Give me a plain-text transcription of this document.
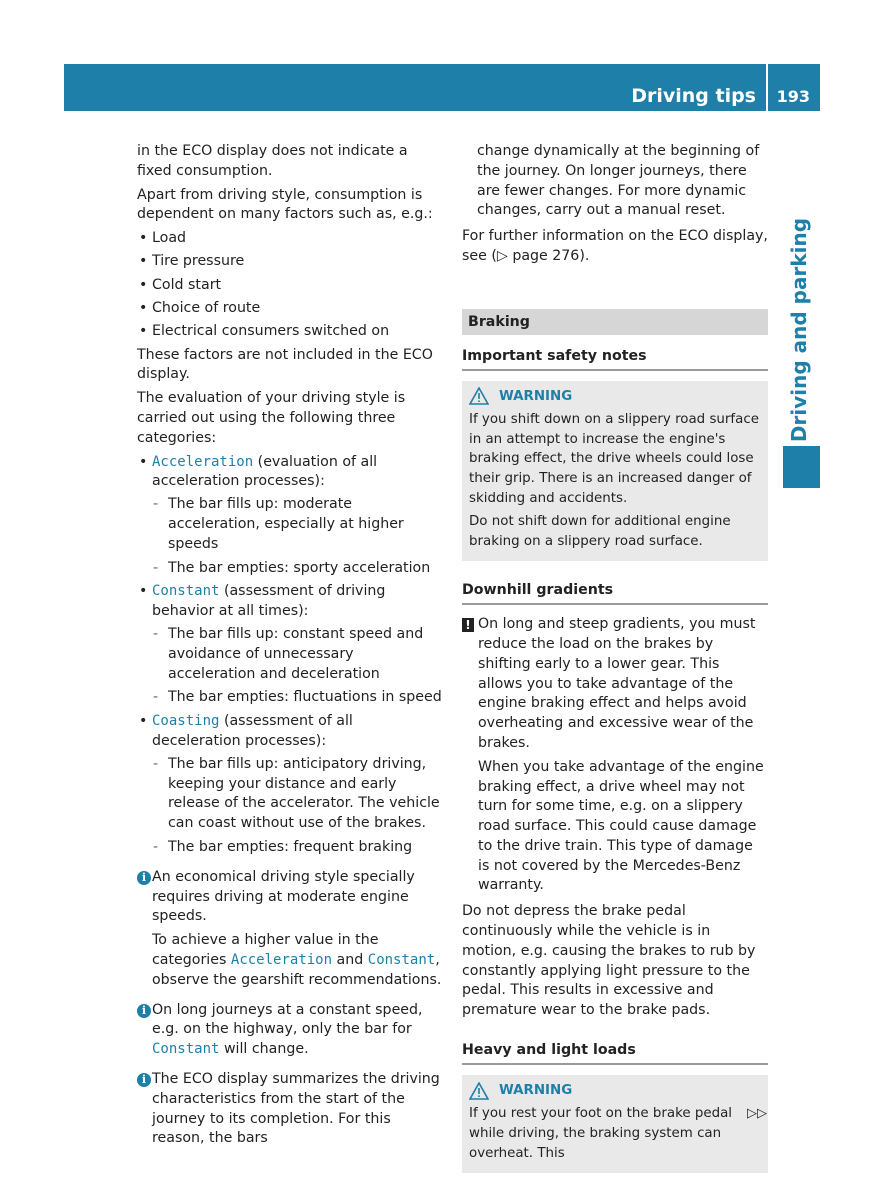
Driving tips 193
Driving and parking

in the ECO display does not indicate a fixed consumption.

Apart from driving style, consumption is dependent on many factors such as, e.g.:

• Load
• Tire pressure
• Cold start
• Choice of route
• Electrical consumers switched on

These factors are not included in the ECO display.

The evaluation of your driving style is carried out using the following three categories:

• Acceleration (evaluation of all acceleration processes):
- The bar fills up: moderate acceleration, especially at higher speeds
- The bar empties: sporty acceleration
• Constant (assessment of driving behavior at all times):
- The bar fills up: constant speed and avoidance of unnecessary acceleration and deceleration
- The bar empties: fluctuations in speed
• Coasting (assessment of all deceleration processes):
- The bar fills up: anticipatory driving, keeping your distance and early release of the accelerator. The vehicle can coast without use of the brakes.
- The bar empties: frequent braking
i An economical driving style specially requires driving at moderate engine speeds.

To achieve a higher value in the categories Acceleration and Constant, observe the gearshift recommendations.

i On long journeys at a constant speed, e.g. on the highway, only the bar for Constant will change.

i The ECO display summarizes the driving characteristics from the start of the journey to its completion. For this reason, the bars

change dynamically at the beginning of the journey. On longer journeys, there are fewer changes. For more dynamic changes, carry out a manual reset.

For further information on the ECO display, see (▷ page 276).

Braking
Important safety notes
WARNING

If you shift down on a slippery road surface in an attempt to increase the engine's braking effect, the drive wheels could lose their grip. There is an increased danger of skidding and accidents.

Do not shift down for additional engine braking on a slippery road surface.

Downhill gradients
! On long and steep gradients, you must reduce the load on the brakes by shifting early to a lower gear. This allows you to take advantage of the engine braking effect and helps avoid overheating and excessive wear of the brakes.

When you take advantage of the engine braking effect, a drive wheel may not turn for some time, e.g. on a slippery road surface. This could cause damage to the drive train. This type of damage is not covered by the Mercedes-Benz warranty.

Do not depress the brake pedal continuously while the vehicle is in motion, e.g. causing the brakes to rub by constantly applying light pressure to the pedal. This results in excessive and premature wear to the brake pads.

Heavy and light loads
WARNING

If you rest your foot on the brake pedal while driving, the braking system can overheat. This

▷▷
